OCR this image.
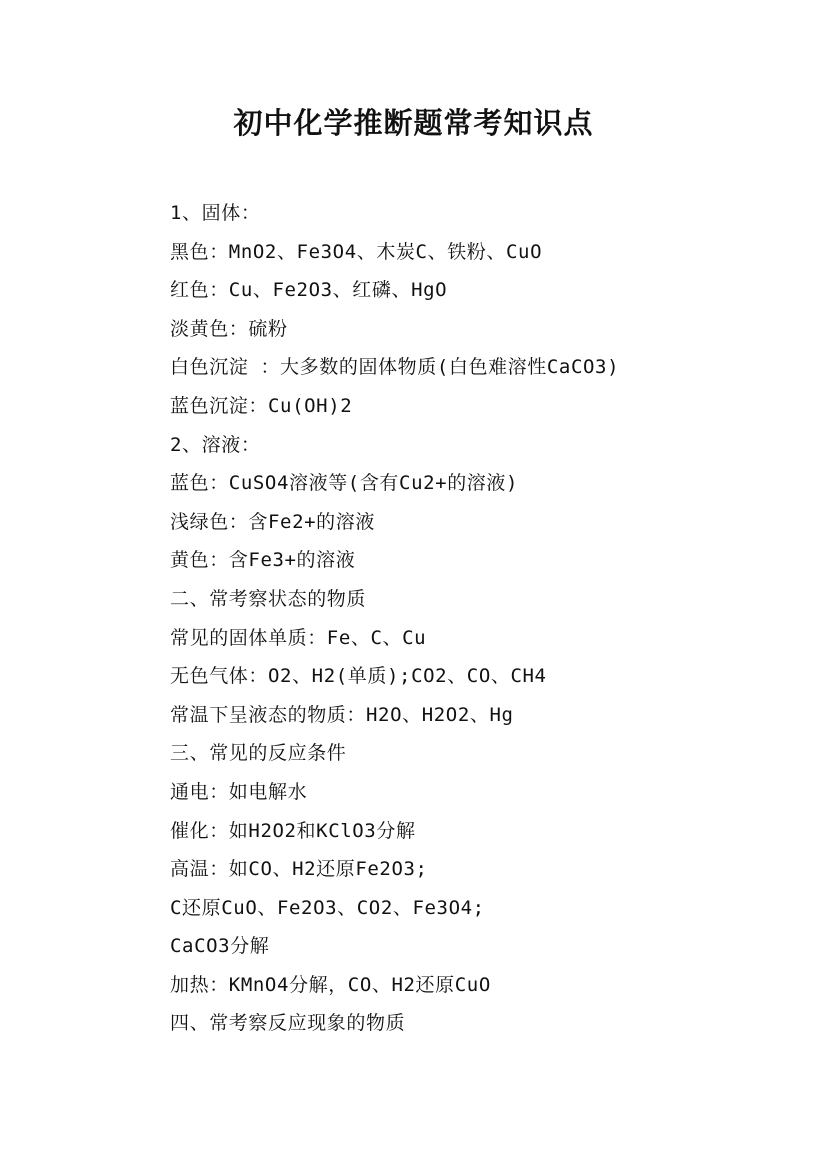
初中化学推断题常考知识点
1、固体：
黑色：MnO2、Fe3O4、木炭C、铁粉、CuO
红色：Cu、Fe2O3、红磷、HgO
淡黄色：硫粉
白色沉淀 ：大多数的固体物质(白色难溶性CaCO3)
蓝色沉淀：Cu(OH)2
2、溶液：
蓝色：CuSO4溶液等(含有Cu2+的溶液)
浅绿色：含Fe2+的溶液
黄色：含Fe3+的溶液
二、常考察状态的物质
常见的固体单质：Fe、C、Cu
无色气体：O2、H2(单质);CO2、CO、CH4
常温下呈液态的物质：H2O、H2O2、Hg
三、常见的反应条件
通电：如电解水
催化：如H2O2和KClO3分解
高温：如CO、H2还原Fe2O3;
C还原CuO、Fe2O3、CO2、Fe3O4;
CaCO3分解
加热：KMnO4分解，CO、H2还原CuO
四、常考察反应现象的物质
